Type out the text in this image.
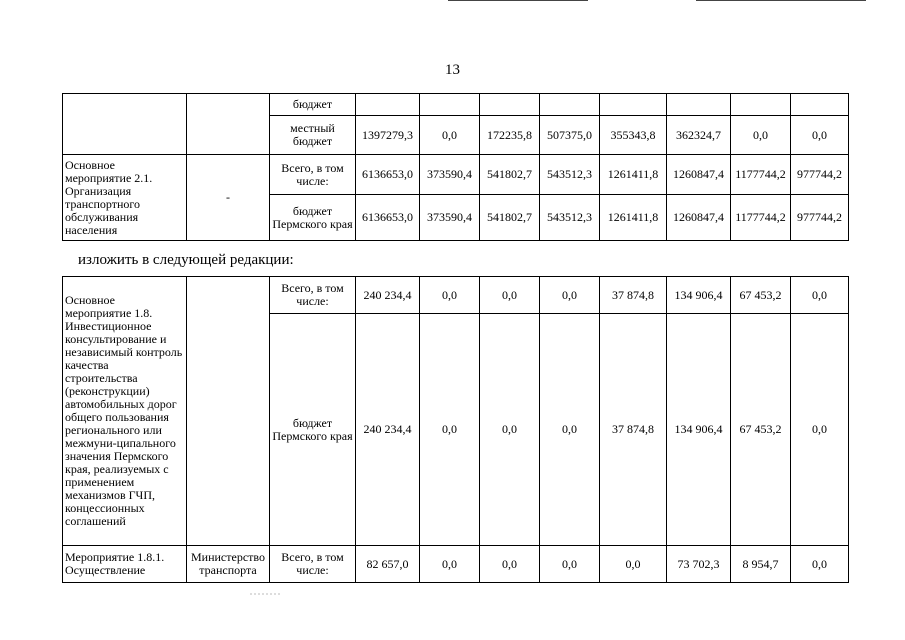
13
		бюджет								
		местный бюджет	1397279,3	0,0	172235,8	507375,0	355343,8	362324,7	0,0	0,0
Основное мероприятие 2.1. Организация транспортного обслуживания населения	-	Всего, в том числе:	6136653,0	373590,4	541802,7	543512,3	1261411,8	1260847,4	1177744,2	977744,2
		бюджет Пермского края	6136653,0	373590,4	541802,7	543512,3	1261411,8	1260847,4	1177744,2	977744,2
изложить в следующей редакции:
Основное мероприятие 1.8. Инвестиционное консультирование и независимый контроль качества строительства (реконструкции) автомобильных дорог общего пользования регионального или межмуни-ципального значения Пермского края, реализуемых с применением механизмов ГЧП, концессионных соглашений		Всего, в том числе:	240 234,4	0,0	0,0	0,0	37 874,8	134 906,4	67 453,2	0,0
		бюджет Пермского края	240 234,4	0,0	0,0	0,0	37 874,8	134 906,4	67 453,2	0,0
Мероприятие 1.8.1. Осуществление	Министерство транспорта	Всего, в том числе:	82 657,0	0,0	0,0	0,0	0,0	73 702,3	8 954,7	0,0
